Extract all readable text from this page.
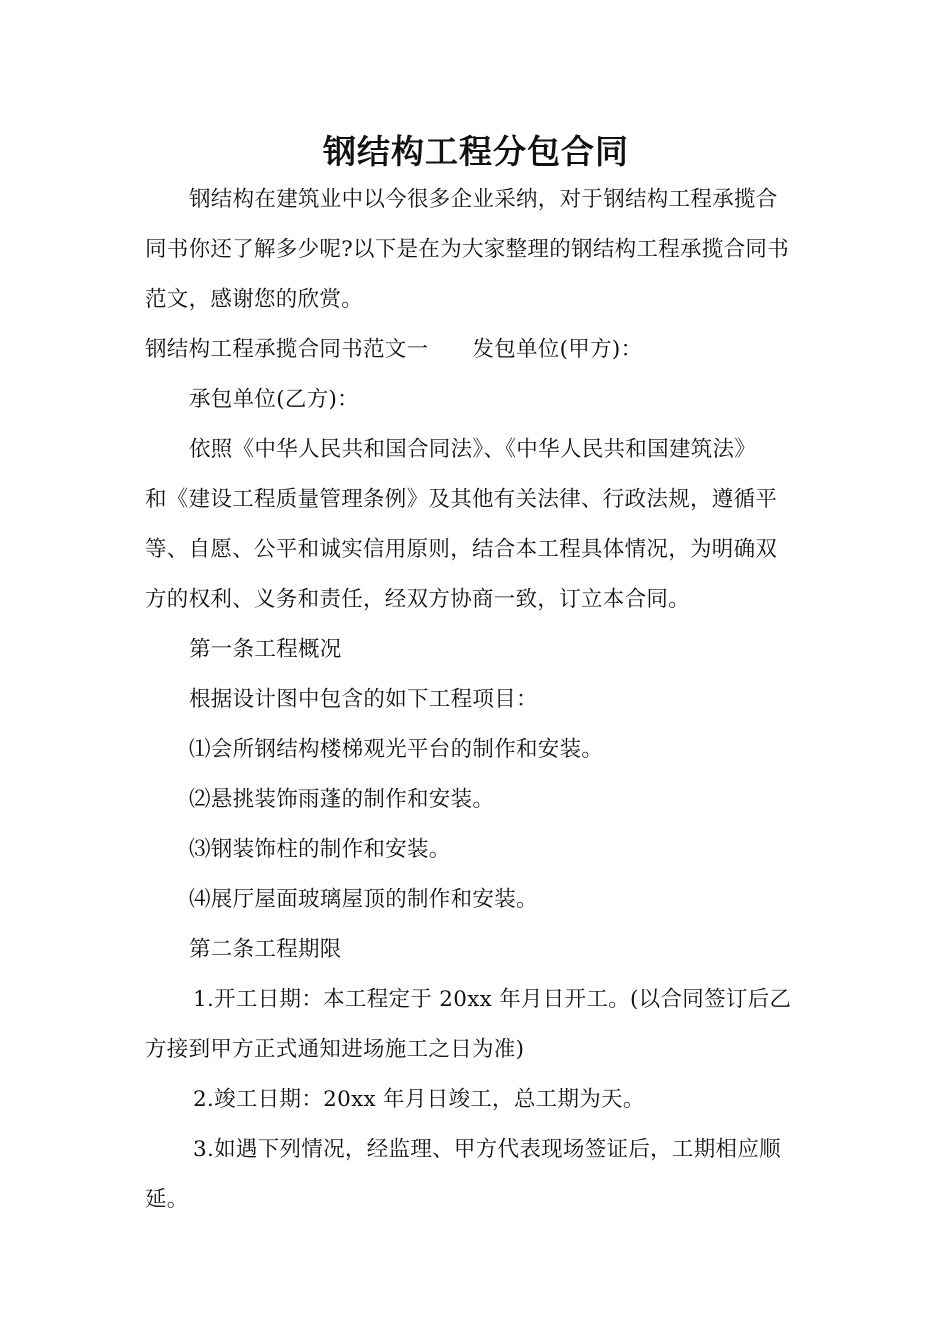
钢结构工程分包合同
钢结构在建筑业中以今很多企业采纳，对于钢结构工程承揽合
同书你还了解多少呢?以下是在为大家整理的钢结构工程承揽合同书
范文，感谢您的欣赏。
钢结构工程承揽合同书范文一 发包单位(甲方)：
承包单位(乙方)：
依照《中华人民共和国合同法》、《中华人民共和国建筑法》
和《建设工程质量管理条例》及其他有关法律、行政法规，遵循平
等、自愿、公平和诚实信用原则，结合本工程具体情况，为明确双
方的权利、义务和责任，经双方协商一致，订立本合同。
第一条工程概况
根据设计图中包含的如下工程项目：
⑴会所钢结构楼梯观光平台的制作和安装。
⑵悬挑装饰雨蓬的制作和安装。
⑶钢装饰柱的制作和安装。
⑷展厅屋面玻璃屋顶的制作和安装。
第二条工程期限
1.开工日期：本工程定于 20xx 年月日开工。(以合同签订后乙
方接到甲方正式通知进场施工之日为准)
2.竣工日期：20xx 年月日竣工，总工期为天。
3.如遇下列情况，经监理、甲方代表现场签证后，工期相应顺
延。
